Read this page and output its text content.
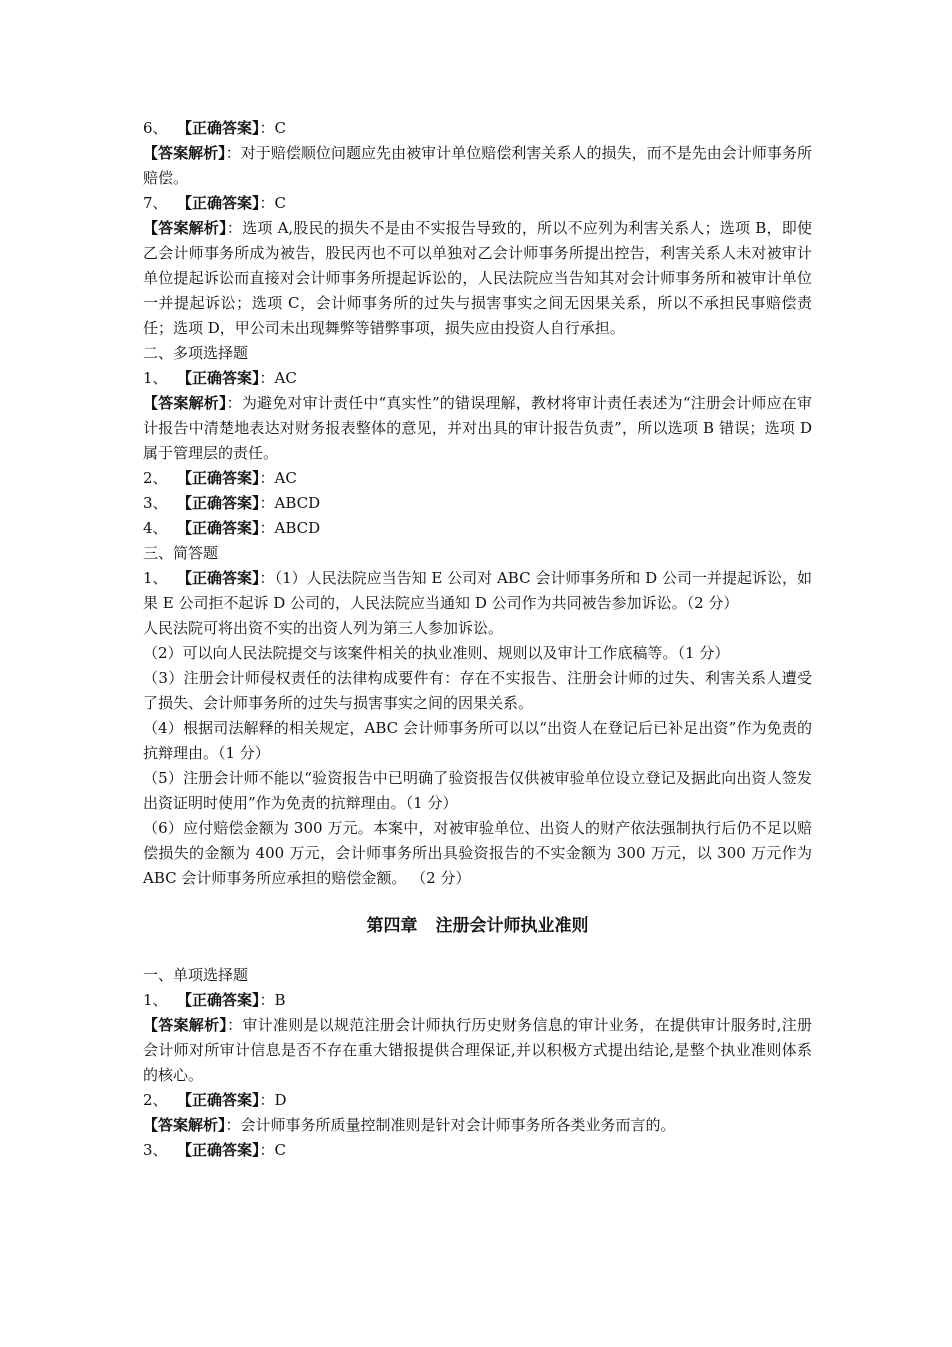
6、 【正确答案】：C

【答案解析】：对于赔偿顺位问题应先由被审计单位赔偿利害关系人的损失，而不是先由会计师事务所赔偿。

7、 【正确答案】：C

【答案解析】：选项 A,股民的损失不是由不实报告导致的，所以不应列为利害关系人；选项 B，即使乙会计师事务所成为被告，股民丙也不可以单独对乙会计师事务所提出控告，利害关系人未对被审计单位提起诉讼而直接对会计师事务所提起诉讼的，人民法院应当告知其对会计师事务所和被审计单位一并提起诉讼；选项 C，会计师事务所的过失与损害事实之间无因果关系，所以不承担民事赔偿责任；选项 D，甲公司未出现舞弊等错弊事项，损失应由投资人自行承担。

二、多项选择题

1、 【正确答案】：AC

【答案解析】：为避免对审计责任中“真实性”的错误理解，教材将审计责任表述为“注册会计师应在审计报告中清楚地表达对财务报表整体的意见，并对出具的审计报告负责”，所以选项 B 错误；选项 D 属于管理层的责任。

2、 【正确答案】：AC

3、 【正确答案】：ABCD

4、 【正确答案】：ABCD

三、简答题

1、 【正确答案】：（1）人民法院应当告知 E 公司对 ABC 会计师事务所和 D 公司一并提起诉讼，如果 E 公司拒不起诉 D 公司的，人民法院应当通知 D 公司作为共同被告参加诉讼。（2 分）

人民法院可将出资不实的出资人列为第三人参加诉讼。

（2）可以向人民法院提交与该案件相关的执业准则、规则以及审计工作底稿等。（1 分）

（3）注册会计师侵权责任的法律构成要件有：存在不实报告、注册会计师的过失、利害关系人遭受了损失、会计师事务所的过失与损害事实之间的因果关系。

（4）根据司法解释的相关规定，ABC 会计师事务所可以以“出资人在登记后已补足出资”作为免责的抗辩理由。（1 分）

（5）注册会计师不能以“验资报告中已明确了验资报告仅供被审验单位设立登记及据此向出资人签发出资证明时使用”作为免责的抗辩理由。（1 分）

（6）应付赔偿金额为 300 万元。本案中，对被审验单位、出资人的财产依法强制执行后仍不足以赔偿损失的金额为 400 万元，会计师事务所出具验资报告的不实金额为 300 万元，以 300 万元作为 ABC 会计师事务所应承担的赔偿金额。 （2 分）

第四章 注册会计师执业准则

一、单项选择题

1、 【正确答案】：B

【答案解析】：审计准则是以规范注册会计师执行历史财务信息的审计业务，在提供审计服务时,注册会计师对所审计信息是否不存在重大错报提供合理保证,并以积极方式提出结论,是整个执业准则体系的核心。

2、 【正确答案】：D

【答案解析】：会计师事务所质量控制准则是针对会计师事务所各类业务而言的。

3、 【正确答案】：C
